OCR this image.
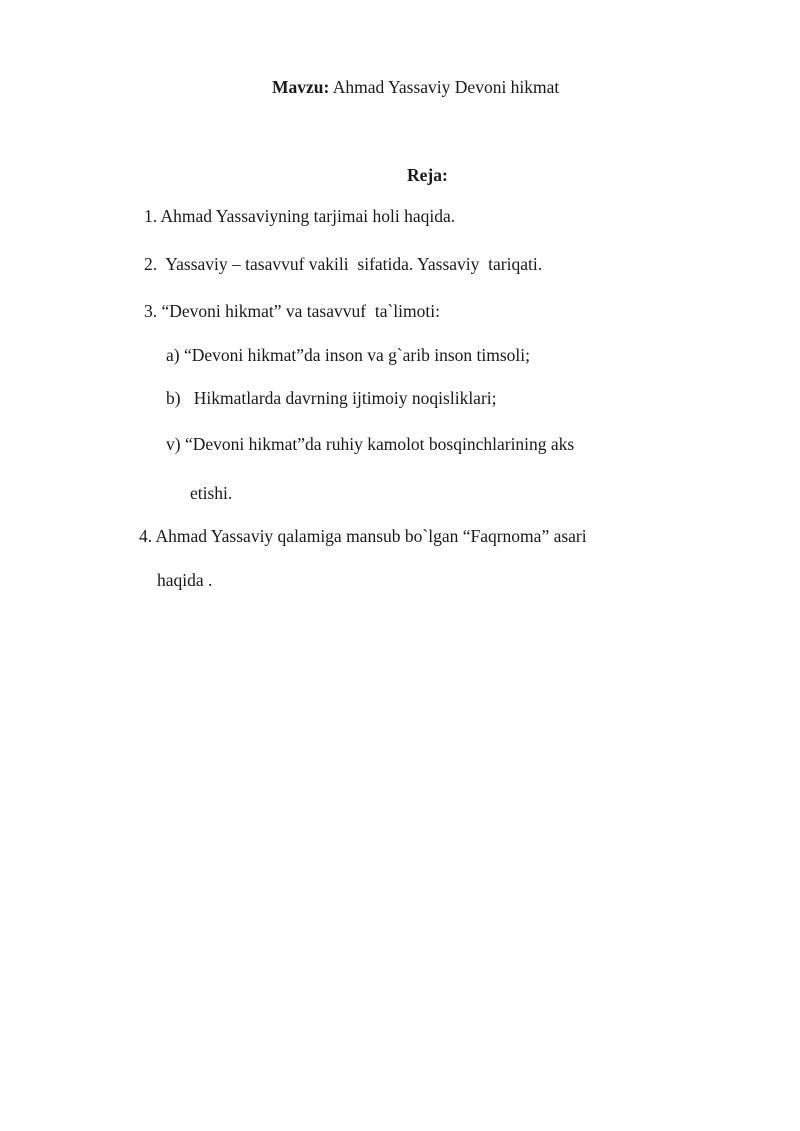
Mavzu: Ahmad Yassaviy Devoni hikmat
Reja:
1. Ahmad Yassaviyning tarjimai holi haqida.
2.  Yassaviy – tasavvuf vakili  sifatida. Yassaviy  tariqati.
3. “Devoni hikmat” va tasavvuf  ta`limoti:
a) “Devoni hikmat”da inson va g`arib inson timsoli;
b)   Hikmatlarda davrning ijtimoiy noqisliklari;
v) “Devoni hikmat”da ruhiy kamolot bosqinchlarining aks
etishi.
4. Ahmad Yassaviy qalamiga mansub bo`lgan “Faqrnoma” asari
haqida .
